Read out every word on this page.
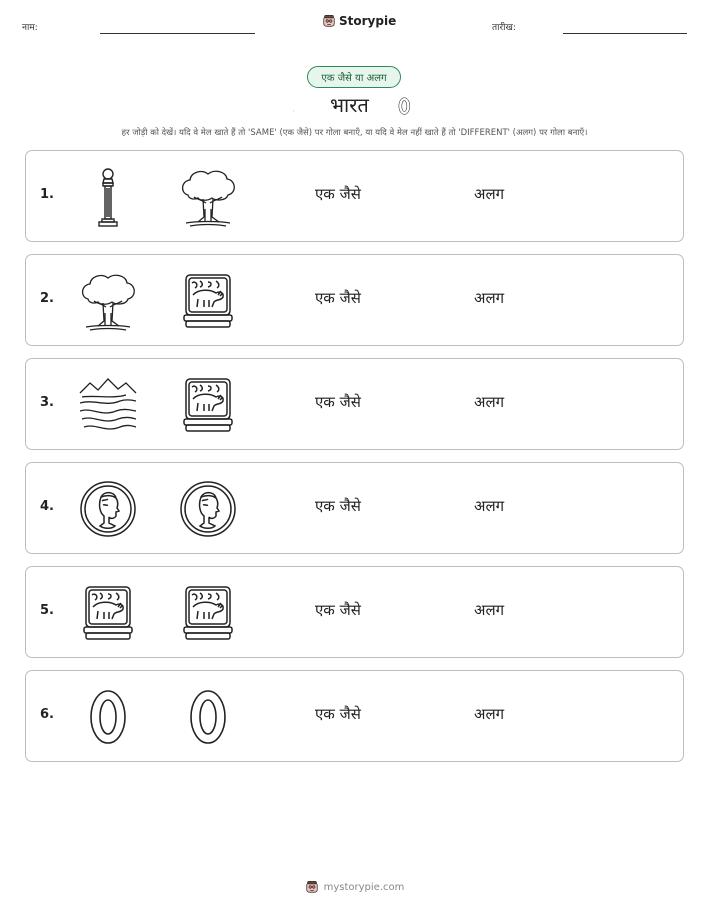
नाम:	Storypie	तारीख:
एक जैसे या अलग
भारत
हर जोड़ी को देखें। यदि वे मेल खाते हैं तो 'SAME' (एक जैसे) पर गोला बनाएँ, या यदि वे मेल नहीं खाते हैं तो 'DIFFERENT' (अलग) पर गोला बनाएँ।
1.	एक जैसे	अलग
2.	एक जैसे	अलग
3.	एक जैसे	अलग
4.	एक जैसे	अलग
5.	एक जैसे	अलग
6.	एक जैसे	अलग
mystorypie.com
